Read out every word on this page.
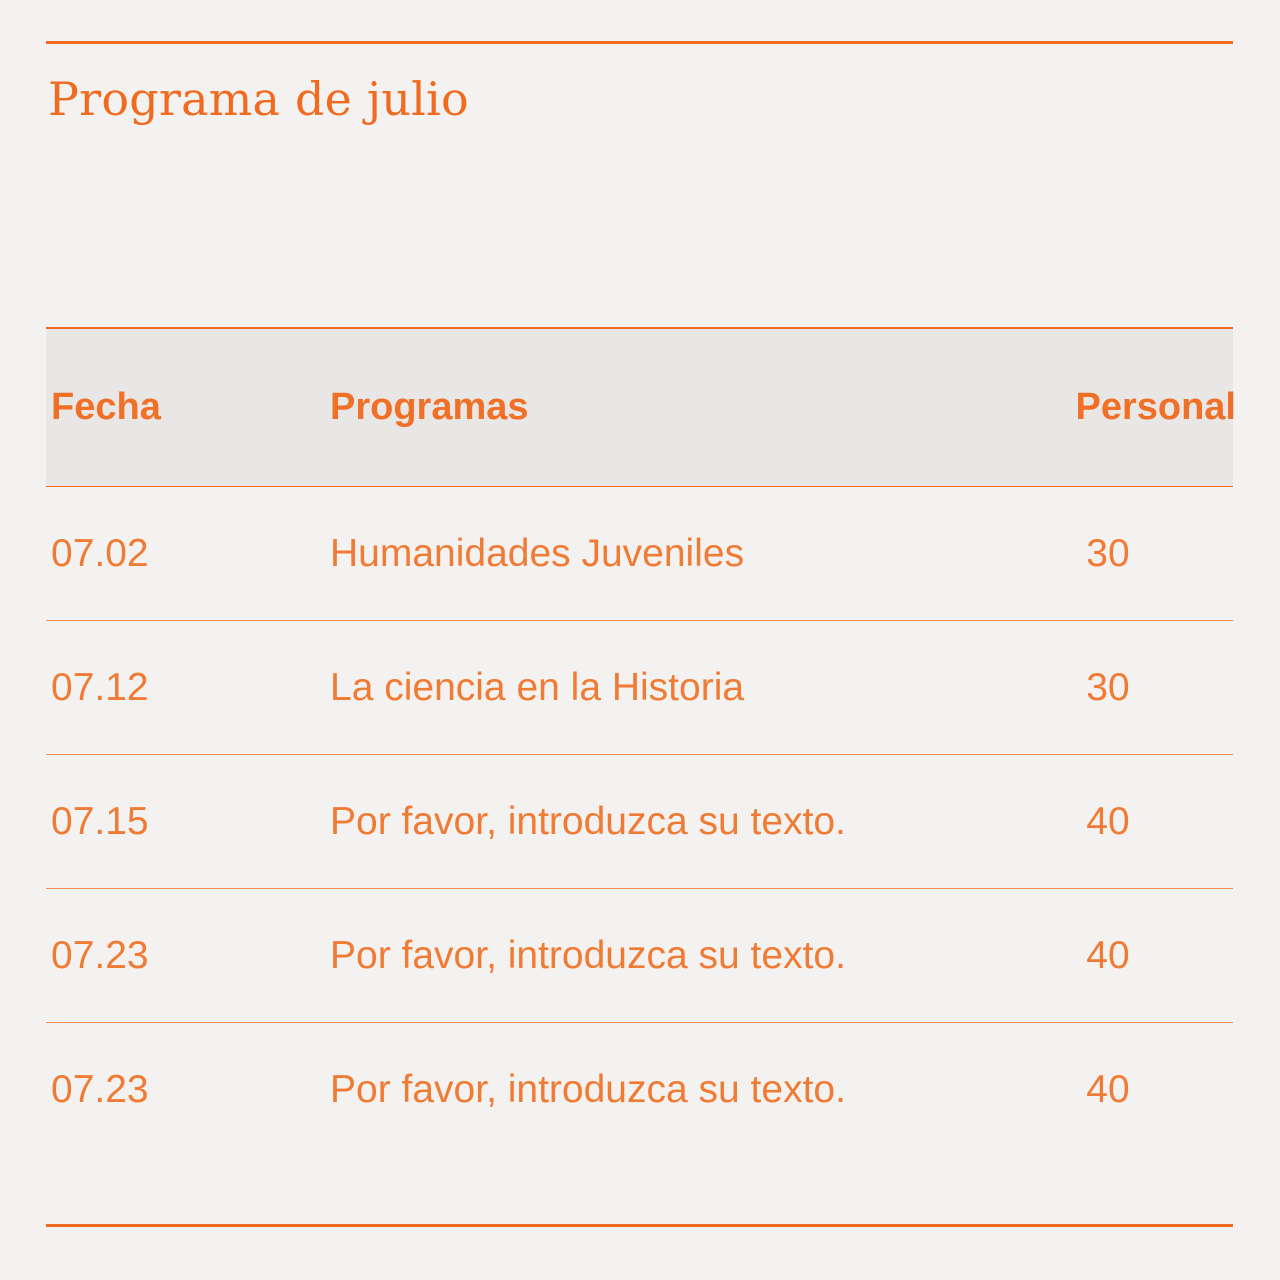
Programa de julio
Fecha	Programas	Personal
07.02	Humanidades Juveniles	30
07.12	La ciencia en la Historia	30
07.15	Por favor, introduzca su texto.	40
07.23	Por favor, introduzca su texto.	40
07.23	Por favor, introduzca su texto.	40
